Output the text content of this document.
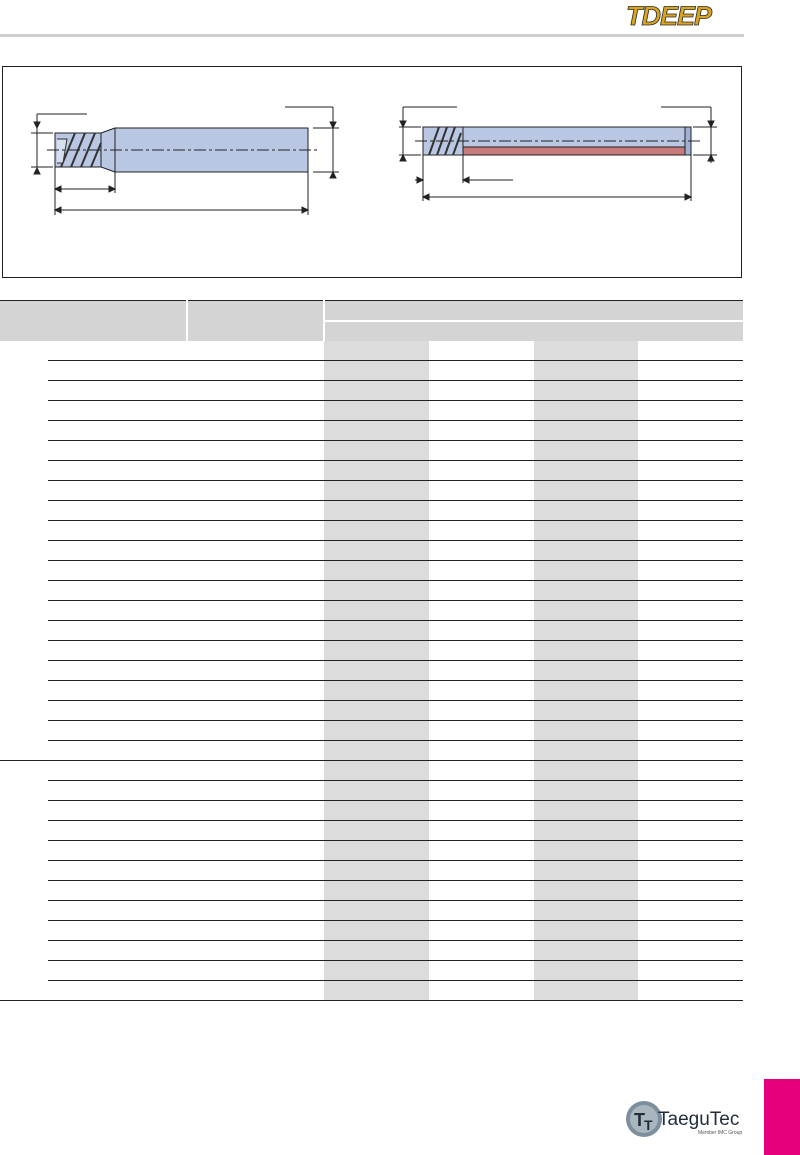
TDEEP

T T TaeguTec
Member IMC Group
